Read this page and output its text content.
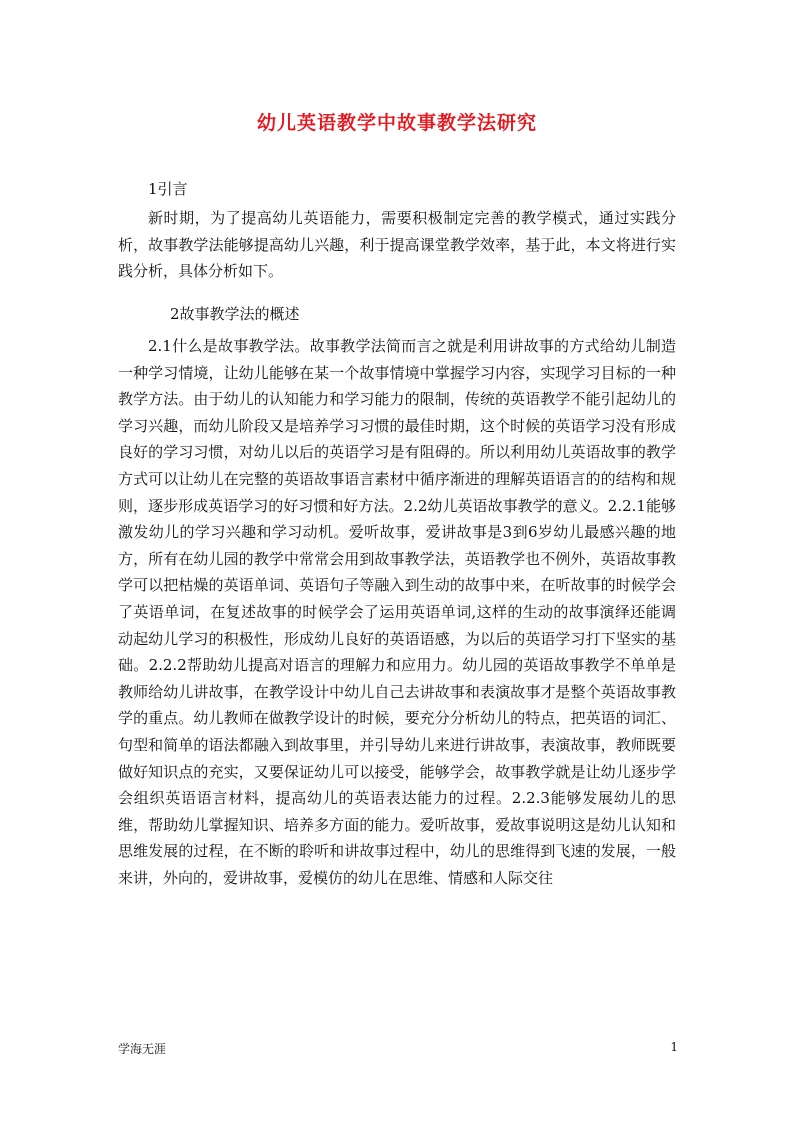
幼儿英语教学中故事教学法研究
1引言

新时期，为了提高幼儿英语能力，需要积极制定完善的教学模式，通过实践分析，故事教学法能够提高幼儿兴趣，利于提高课堂教学效率，基于此，本文将进行实践分析，具体分析如下。

2故事教学法的概述

2.1什么是故事教学法。故事教学法简而言之就是利用讲故事的方式给幼儿制造一种学习情境，让幼儿能够在某一个故事情境中掌握学习内容，实现学习目标的一种教学方法。由于幼儿的认知能力和学习能力的限制，传统的英语教学不能引起幼儿的学习兴趣，而幼儿阶段又是培养学习习惯的最佳时期，这个时候的英语学习没有形成良好的学习习惯，对幼儿以后的英语学习是有阻碍的。所以利用幼儿英语故事的教学方式可以让幼儿在完整的英语故事语言素材中循序渐进的理解英语语言的的结构和规则，逐步形成英语学习的好习惯和好方法。2.2幼儿英语故事教学的意义。2.2.1能够激发幼儿的学习兴趣和学习动机。爱听故事，爱讲故事是3到6岁幼儿最感兴趣的地方，所有在幼儿园的教学中常常会用到故事教学法，英语教学也不例外，英语故事教学可以把枯燥的英语单词、英语句子等融入到生动的故事中来，在听故事的时候学会了英语单词，在复述故事的时候学会了运用英语单词,这样的生动的故事演绎还能调动起幼儿学习的积极性，形成幼儿良好的英语语感，为以后的英语学习打下坚实的基础。2.2.2帮助幼儿提高对语言的理解力和应用力。幼儿园的英语故事教学不单单是教师给幼儿讲故事，在教学设计中幼儿自己去讲故事和表演故事才是整个英语故事教学的重点。幼儿教师在做教学设计的时候，要充分分析幼儿的特点，把英语的词汇、句型和简单的语法都融入到故事里，并引导幼儿来进行讲故事，表演故事，教师既要做好知识点的充实，又要保证幼儿可以接受，能够学会，故事教学就是让幼儿逐步学会组织英语语言材料，提高幼儿的英语表达能力的过程。2.2.3能够发展幼儿的思维，帮助幼儿掌握知识、培养多方面的能力。爱听故事，爱故事说明这是幼儿认知和思维发展的过程，在不断的聆听和讲故事过程中，幼儿的思维得到飞速的发展，一般来讲，外向的，爱讲故事，爱模仿的幼儿在思维、情感和人际交往

学海无涯	1
